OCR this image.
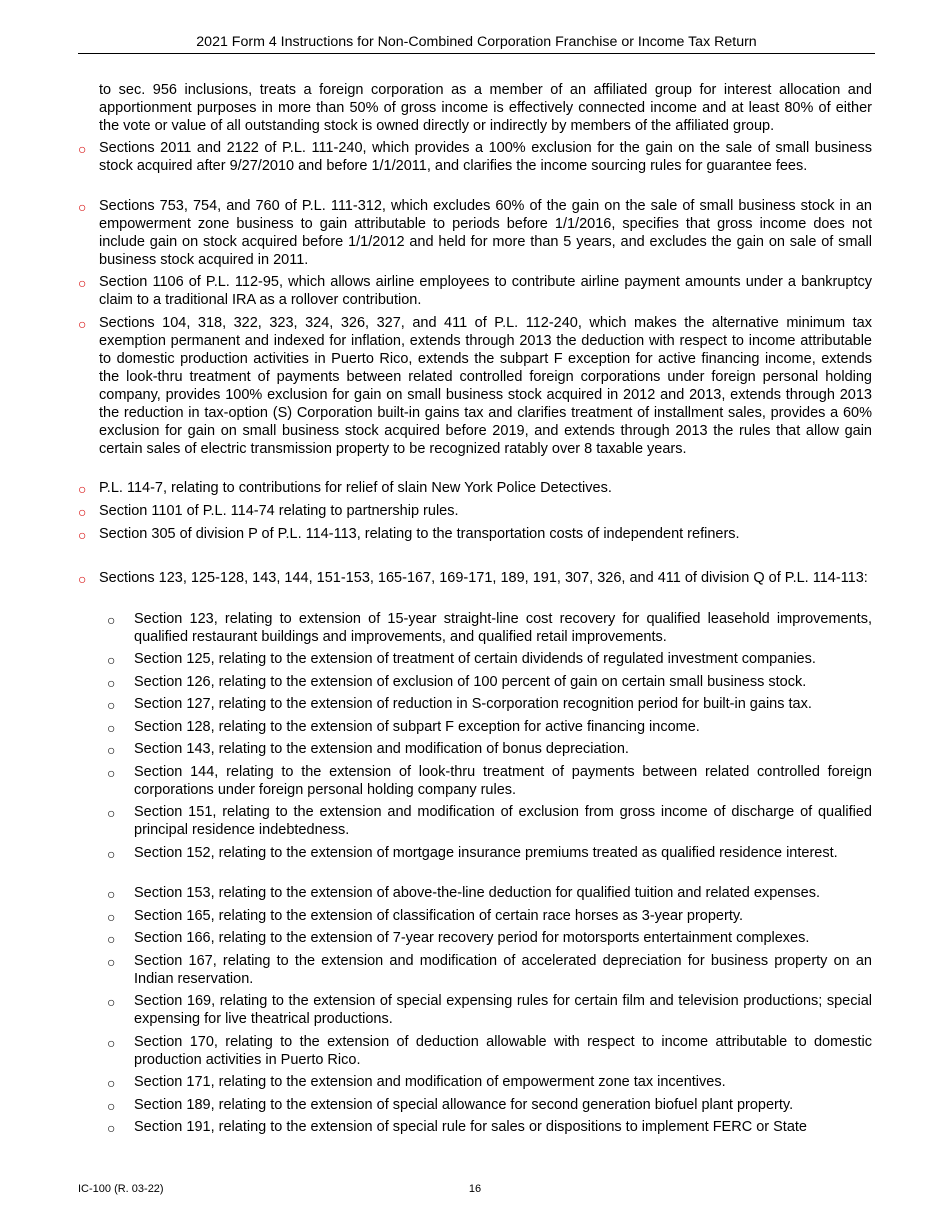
2021 Form 4 Instructions for Non-Combined Corporation Franchise or Income Tax Return

to sec. 956 inclusions, treats a foreign corporation as a member of an affiliated group for interest allocation and apportionment purposes in more than 50% of gross income is effectively connected income and at least 80% of either the vote or value of all outstanding stock is owned directly or indirectly by members of the affiliated group.

○ Sections 2011 and 2122 of P.L. 111-240, which provides a 100% exclusion for the gain on the sale of small business stock acquired after 9/27/2010 and before 1/1/2011, and clarifies the income sourcing rules for guarantee fees.

○ Sections 753, 754, and 760 of P.L. 111-312, which excludes 60% of the gain on the sale of small business stock in an empowerment zone business to gain attributable to periods before 1/1/2016, specifies that gross income does not include gain on stock acquired before 1/1/2012 and held for more than 5 years, and excludes the gain on sale of small business stock acquired in 2011.

○ Section 1106 of P.L. 112-95, which allows airline employees to contribute airline payment amounts under a bankruptcy claim to a traditional IRA as a rollover contribution.

○ Sections 104, 318, 322, 323, 324, 326, 327, and 411 of P.L. 112-240, which makes the alternative minimum tax exemption permanent and indexed for inflation, extends through 2013 the deduction with respect to income attributable to domestic production activities in Puerto Rico, extends the subpart F exception for active financing income, extends the look-thru treatment of payments between related controlled foreign corporations under foreign personal holding company, provides 100% exclusion for gain on small business stock acquired in 2012 and 2013, extends through 2013 the reduction in tax-option (S) Corporation built-in gains tax and clarifies treatment of installment sales, provides a 60% exclusion for gain on small business stock acquired before 2019, and extends through 2013 the rules that allow gain certain sales of electric transmission property to be recognized ratably over 8 taxable years.

○ P.L. 114-7, relating to contributions for relief of slain New York Police Detectives.

○ Section 1101 of P.L. 114-74 relating to partnership rules.

○ Section 305 of division P of P.L. 114-113, relating to the transportation costs of independent refiners.

○ Sections 123, 125-128, 143, 144, 151-153, 165-167, 169-171, 189, 191, 307, 326, and 411 of division Q of P.L. 114-113:

○ Section 123, relating to extension of 15-year straight-line cost recovery for qualified leasehold improvements, qualified restaurant buildings and improvements, and qualified retail improvements.

○ Section 125, relating to the extension of treatment of certain dividends of regulated investment companies.

○ Section 126, relating to the extension of exclusion of 100 percent of gain on certain small business stock.

○ Section 127, relating to the extension of reduction in S-corporation recognition period for built-in gains tax.

○ Section 128, relating to the extension of subpart F exception for active financing income.

○ Section 143, relating to the extension and modification of bonus depreciation.

○ Section 144, relating to the extension of look-thru treatment of payments between related controlled foreign corporations under foreign personal holding company rules.

○ Section 151, relating to the extension and modification of exclusion from gross income of discharge of qualified principal residence indebtedness.

○ Section 152, relating to the extension of mortgage insurance premiums treated as qualified residence interest.

○ Section 153, relating to the extension of above-the-line deduction for qualified tuition and related expenses.

○ Section 165, relating to the extension of classification of certain race horses as 3-year property.

○ Section 166, relating to the extension of 7-year recovery period for motorsports entertainment complexes.

○ Section 167, relating to the extension and modification of accelerated depreciation for business property on an Indian reservation.

○ Section 169, relating to the extension of special expensing rules for certain film and television productions; special expensing for live theatrical productions.

○ Section 170, relating to the extension of deduction allowable with respect to income attributable to domestic production activities in Puerto Rico.

○ Section 171, relating to the extension and modification of empowerment zone tax incentives.

○ Section 189, relating to the extension of special allowance for second generation biofuel plant property.

○ Section 191, relating to the extension of special rule for sales or dispositions to implement FERC or State

IC-100 (R. 03-22)	16
